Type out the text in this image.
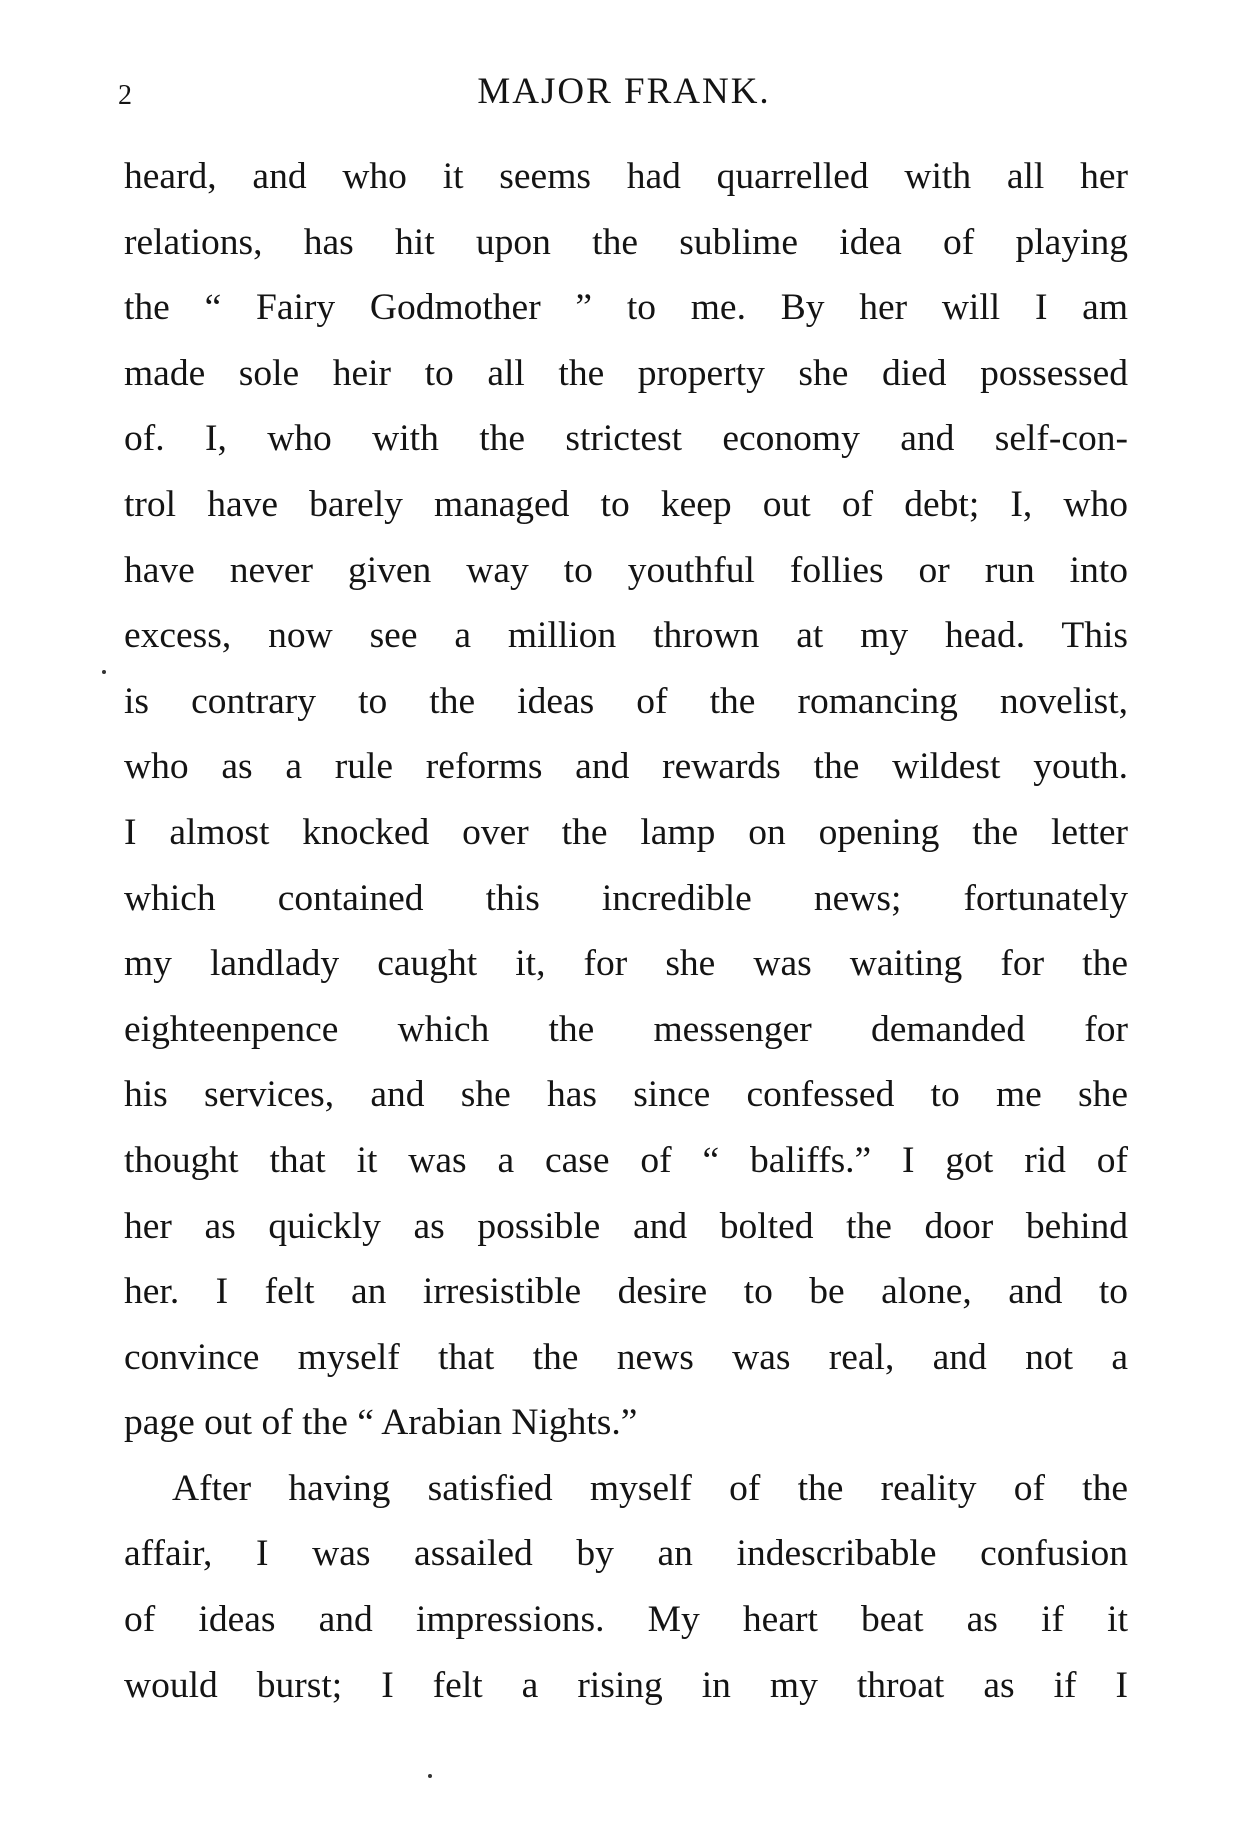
2	MAJOR FRANK.
heard, and who it seems had quarrelled with all her
relations, has hit upon the sublime idea of playing
the “ Fairy Godmother ” to me. By her will I am
made sole heir to all the property she died possessed
of. I, who with the strictest economy and self-con-
trol have barely managed to keep out of debt; I, who
have never given way to youthful follies or run into
excess, now see a million thrown at my head. This
is contrary to the ideas of the romancing novelist,
who as a rule reforms and rewards the wildest youth.
I almost knocked over the lamp on opening the letter
which contained this incredible news; fortunately
my landlady caught it, for she was waiting for the
eighteenpence which the messenger demanded for
his services, and she has since confessed to me she
thought that it was a case of “ baliffs.” I got rid of
her as quickly as possible and bolted the door behind
her. I felt an irresistible desire to be alone, and to
convince myself that the news was real, and not a
page out of the “ Arabian Nights.”
After having satisfied myself of the reality of the
affair, I was assailed by an indescribable confusion
of ideas and impressions. My heart beat as if it
would burst; I felt a rising in my throat as if I
